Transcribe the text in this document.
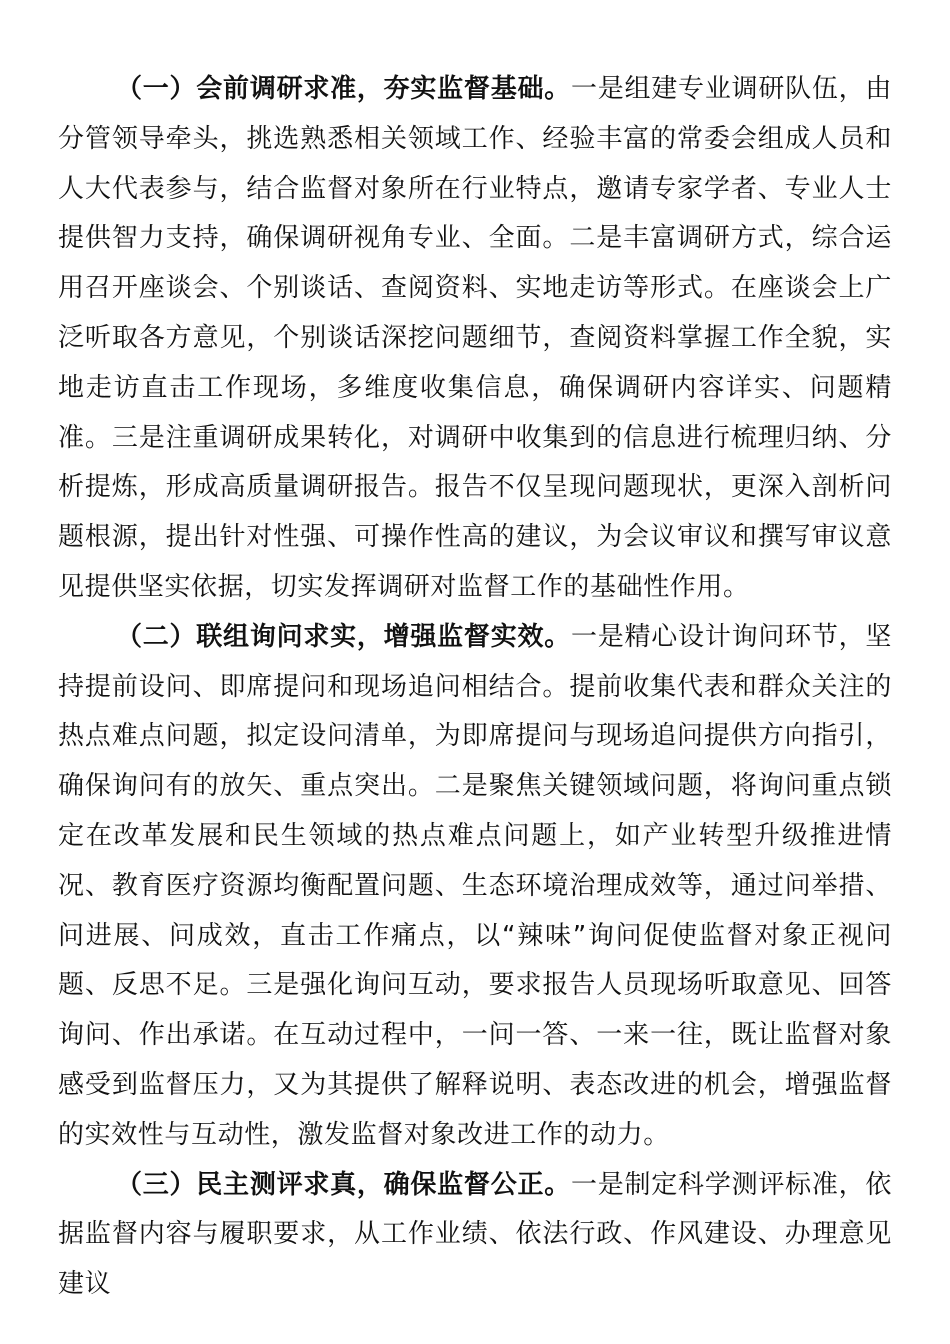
（一）会前调研求准，夯实监督基础。一是组建专业调研队伍，由分管领导牵头，挑选熟悉相关领域工作、经验丰富的常委会组成人员和人大代表参与，结合监督对象所在行业特点，邀请专家学者、专业人士提供智力支持，确保调研视角专业、全面。二是丰富调研方式，综合运用召开座谈会、个别谈话、查阅资料、实地走访等形式。在座谈会上广泛听取各方意见，个别谈话深挖问题细节，查阅资料掌握工作全貌，实地走访直击工作现场，多维度收集信息，确保调研内容详实、问题精准。三是注重调研成果转化，对调研中收集到的信息进行梳理归纳、分析提炼，形成高质量调研报告。报告不仅呈现问题现状，更深入剖析问题根源，提出针对性强、可操作性高的建议，为会议审议和撰写审议意见提供坚实依据，切实发挥调研对监督工作的基础性作用。

（二）联组询问求实，增强监督实效。一是精心设计询问环节，坚持提前设问、即席提问和现场追问相结合。提前收集代表和群众关注的热点难点问题，拟定设问清单，为即席提问与现场追问提供方向指引，确保询问有的放矢、重点突出。二是聚焦关键领域问题，将询问重点锁定在改革发展和民生领域的热点难点问题上，如产业转型升级推进情况、教育医疗资源均衡配置问题、生态环境治理成效等，通过问举措、问进展、问成效，直击工作痛点，以“辣味”询问促使监督对象正视问题、反思不足。三是强化询问互动，要求报告人员现场听取意见、回答询问、作出承诺。在互动过程中，一问一答、一来一往，既让监督对象感受到监督压力，又为其提供了解释说明、表态改进的机会，增强监督的实效性与互动性，激发监督对象改进工作的动力。

（三）民主测评求真，确保监督公正。一是制定科学测评标准，依据监督内容与履职要求，从工作业绩、依法行政、作风建设、办理意见建议
